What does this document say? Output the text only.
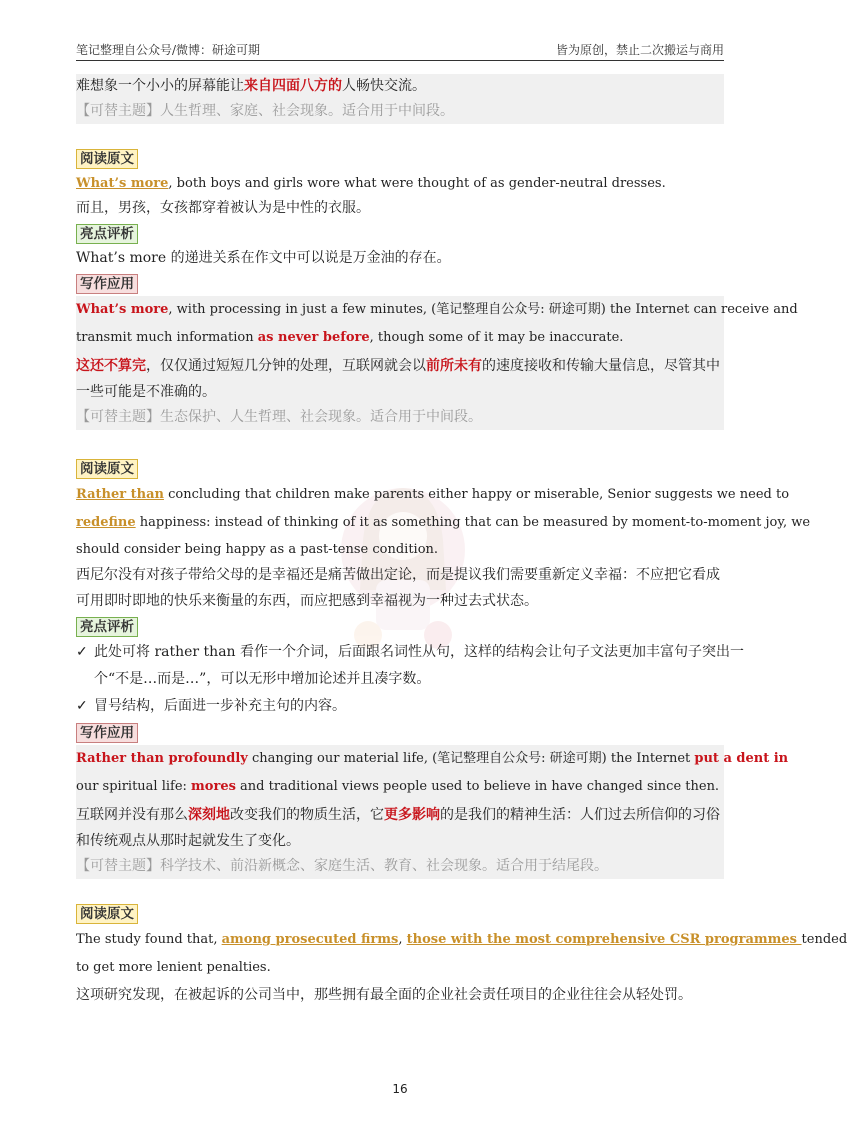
笔记整理自公众号/微博：研途可期	皆为原创，禁止二次搬运与商用
难想象一个小小的屏幕能让来自四面八方的人畅快交流。
【可替主题】人生哲理、家庭、社会现象。适合用于中间段。
阅读原文
What’s more, both boys and girls wore what were thought of as gender-neutral dresses.
而且，男孩，女孩都穿着被认为是中性的衣服。
亮点评析
What’s more 的递进关系在作文中可以说是万金油的存在。
写作应用
What’s more, with processing in just a few minutes, (笔记整理自公众号: 研途可期) the Internet can receive and
transmit much information as never before, though some of it may be inaccurate.
这还不算完，仅仅通过短短几分钟的处理，互联网就会以前所未有的速度接收和传输大量信息，尽管其中
一些可能是不准确的。
【可替主题】生态保护、人生哲理、社会现象。适合用于中间段。
阅读原文
Rather than concluding that children make parents either happy or miserable, Senior suggests we need to
redefine happiness: instead of thinking of it as something that can be measured by moment-to-moment joy, we
should consider being happy as a past-tense condition.
西尼尔没有对孩子带给父母的是幸福还是痛苦做出定论，而是提议我们需要重新定义幸福：不应把它看成
可用即时即地的快乐来衡量的东西，而应把感到幸福视为一种过去式状态。
亮点评析
✓ 此处可将 rather than 看作一个介词，后面跟名词性从句，这样的结构会让句子文法更加丰富句子突出一
个“不是…而是…”，可以无形中增加论述并且凑字数。
✓ 冒号结构，后面进一步补充主句的内容。
写作应用
Rather than profoundly changing our material life, (笔记整理自公众号: 研途可期) the Internet put a dent in
our spiritual life: mores and traditional views people used to believe in have changed since then.
互联网并没有那么深刻地改变我们的物质生活，它更多影响的是我们的精神生活：人们过去所信仰的习俗
和传统观点从那时起就发生了变化。
【可替主题】科学技术、前沿新概念、家庭生活、教育、社会现象。适合用于结尾段。
阅读原文
The study found that, among prosecuted firms, those with the most comprehensive CSR programmes tended
to get more lenient penalties.
这项研究发现，在被起诉的公司当中，那些拥有最全面的企业社会责任项目的企业往往会从轻处罚。
16
